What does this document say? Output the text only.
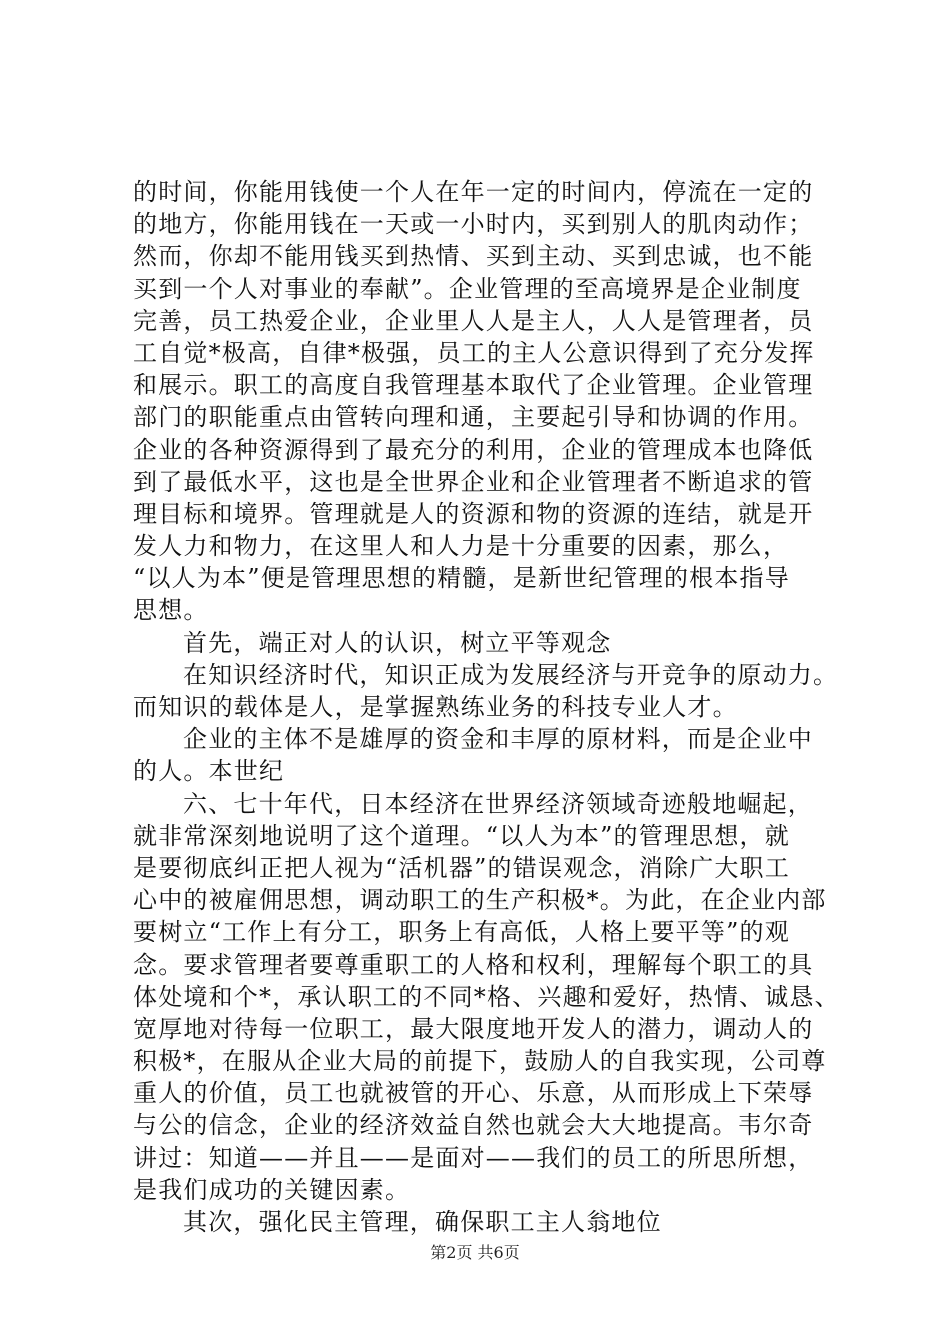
的时间，你能用钱使一个人在年一定的时间内，停流在一定的
的地方，你能用钱在一天或一小时内，买到别人的肌肉动作；
然而，你却不能用钱买到热情、买到主动、买到忠诚，也不能
买到一个人对事业的奉献”。企业管理的至高境界是企业制度
完善，员工热爱企业，企业里人人是主人，人人是管理者，员
工自觉*极高，自律*极强，员工的主人公意识得到了充分发挥
和展示。职工的高度自我管理基本取代了企业管理。企业管理
部门的职能重点由管转向理和通，主要起引导和协调的作用。
企业的各种资源得到了最充分的利用，企业的管理成本也降低
到了最低水平，这也是全世界企业和企业管理者不断追求的管
理目标和境界。管理就是人的资源和物的资源的连结，就是开
发人力和物力，在这里人和人力是十分重要的因素，那么，
“以人为本”便是管理思想的精髓，是新世纪管理的根本指导
思想。
首先，端正对人的认识，树立平等观念
在知识经济时代，知识正成为发展经济与开竞争的原动力。
而知识的载体是人，是掌握熟练业务的科技专业人才。
企业的主体不是雄厚的资金和丰厚的原材料，而是企业中
的人。本世纪
六、七十年代，日本经济在世界经济领域奇迹般地崛起，
就非常深刻地说明了这个道理。“以人为本”的管理思想，就
是要彻底纠正把人视为“活机器”的错误观念，消除广大职工
心中的被雇佣思想，调动职工的生产积极*。为此，在企业内部
要树立“工作上有分工，职务上有高低，人格上要平等”的观
念。要求管理者要尊重职工的人格和权利，理解每个职工的具
体处境和个*，承认职工的不同*格、兴趣和爱好，热情、诚恳、
宽厚地对待每一位职工，最大限度地开发人的潜力，调动人的
积极*，在服从企业大局的前提下，鼓励人的自我实现，公司尊
重人的价值，员工也就被管的开心、乐意，从而形成上下荣辱
与公的信念，企业的经济效益自然也就会大大地提高。韦尔奇
讲过：知道——并且——是面对——我们的员工的所思所想，
是我们成功的关键因素。
其次，强化民主管理，确保职工主人翁地位
第2页 共6页
